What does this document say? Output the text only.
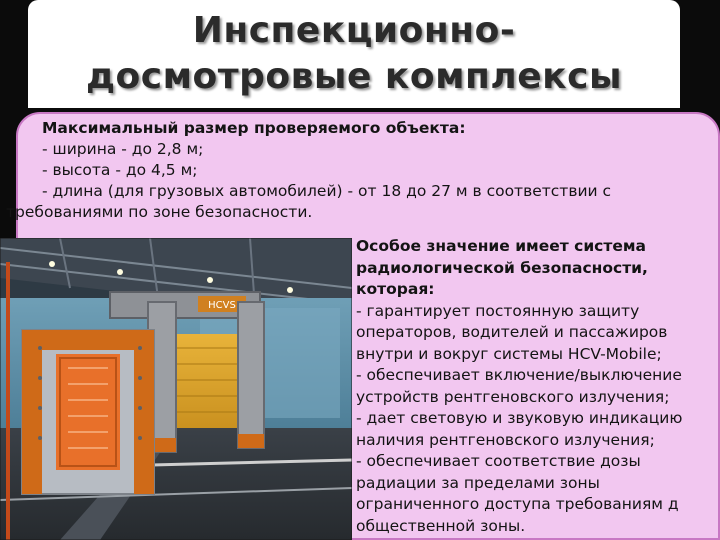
Инспекционно-
досмотровые комплексы
Максимальный размер проверяемого объекта:
- ширина - до 2,8 м;
- высота - до 4,5 м;
- длина (для грузовых автомобилей) - от 18 до 27 м в соответствии с
требованиями по зоне безопасности.
HCVS
Особое значение имеет система
радиологической безопасности,
которая:
- гарантирует постоянную защиту
операторов, водителей и пассажиров
внутри и вокруг системы HCV-Mobile;
- обеспечивает включение/выключение
устройств рентгеновского излучения;
- дает световую и звуковую индикацию
наличия рентгеновского излучения;
- обеспечивает соответствие дозы
радиации за пределами зоны
ограниченного доступа требованиям д
общественной зоны.
